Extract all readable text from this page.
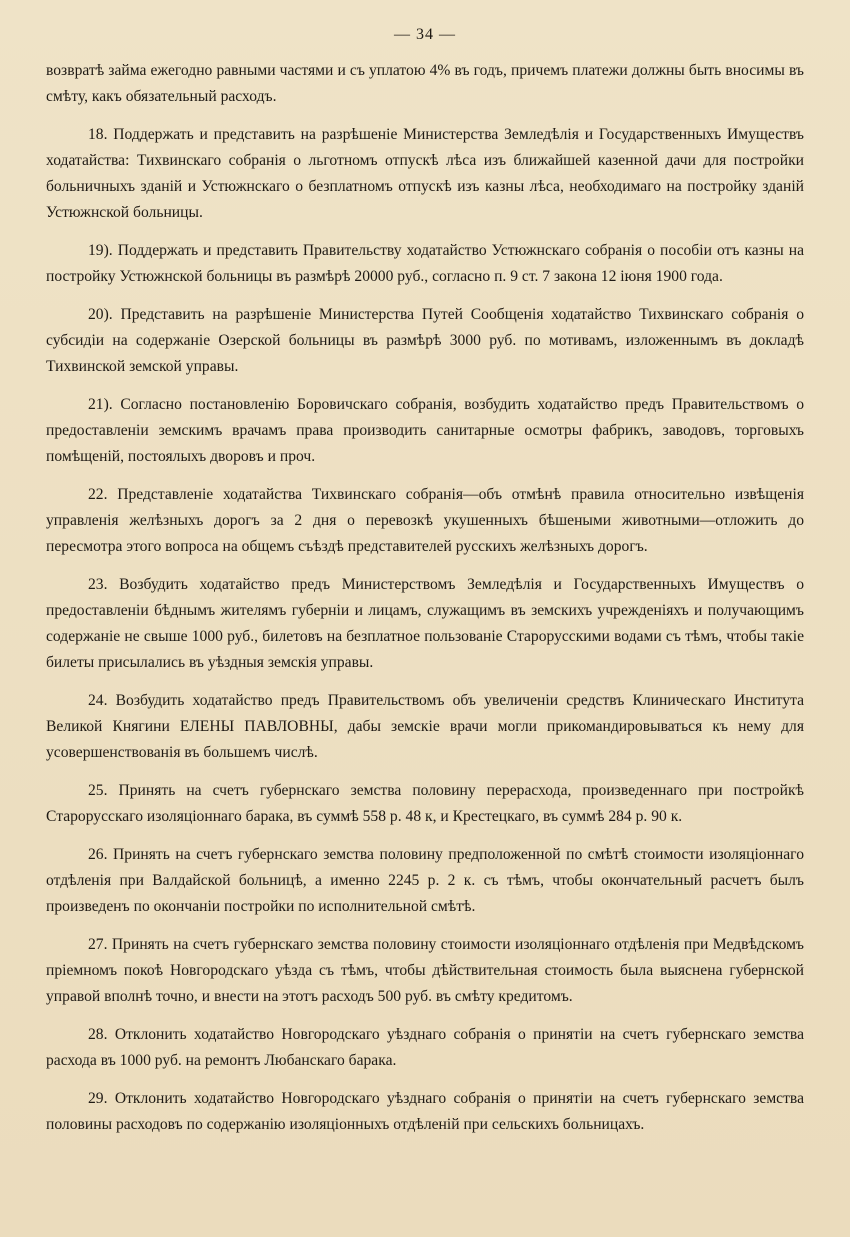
— 34 —

возвратѣ займа ежегодно равными частями и съ уплатою 4% въ годъ, причемъ платежи должны быть вносимы въ смѣту, какъ обязательный расходъ.

18. Поддержать и представить на разрѣшеніе Министерства Земледѣлія и Государственныхъ Имуществъ ходатайства: Тихвинскаго собранія о льготномъ отпускѣ лѣса изъ ближайшей казенной дачи для постройки больничныхъ зданій и Устюжнскаго о безплатномъ отпускѣ изъ казны лѣса, необходимаго на постройку зданій Устюжнской больницы.

19). Поддержать и представить Правительству ходатайство Устюжнскаго собранія о пособіи отъ казны на постройку Устюжнской больницы въ размѣрѣ 20000 руб., согласно п. 9 ст. 7 закона 12 іюня 1900 года.

20). Представить на разрѣшеніе Министерства Путей Сообщенія ходатайство Тихвинскаго собранія о субсидіи на содержаніе Озерской больницы въ размѣрѣ 3000 руб. по мотивамъ, изложеннымъ въ докладѣ Тихвинской земской управы.

21). Согласно постановленію Боровичскаго собранія, возбудить ходатайство предъ Правительствомъ о предоставленіи земскимъ врачамъ права производить санитарные осмотры фабрикъ, заводовъ, торговыхъ помѣщеній, постоялыхъ дворовъ и проч.

22. Представленіе ходатайства Тихвинскаго собранія—объ отмѣнѣ правила относительно извѣщенія управленія желѣзныхъ дорогъ за 2 дня о перевозкѣ укушенныхъ бѣшеными животными—отложить до пересмотра этого вопроса на общемъ съѣздѣ представителей русскихъ желѣзныхъ дорогъ.

23. Возбудить ходатайство предъ Министерствомъ Земледѣлія и Государственныхъ Имуществъ о предоставленіи бѣднымъ жителямъ губерніи и лицамъ, служащимъ въ земскихъ учрежденіяхъ и получающимъ содержаніе не свыше 1000 руб., билетовъ на безплатное пользованіе Старорусскими водами съ тѣмъ, чтобы такіе билеты присылались въ уѣздныя земскія управы.

24. Возбудить ходатайство предъ Правительствомъ объ увеличеніи средствъ Клиническаго Института Великой Княгини ЕЛЕНЫ ПАВЛОВНЫ, дабы земскіе врачи могли прикомандировываться къ нему для усовершенствованія въ большемъ числѣ.

25. Принять на счетъ губернскаго земства половину перерасхода, произведеннаго при постройкѣ Старорусскаго изоляціоннаго барака, въ суммѣ 558 р. 48 к, и Крестецкаго, въ суммѣ 284 р. 90 к.

26. Принять на счетъ губернскаго земства половину предположенной по смѣтѣ стоимости изоляціоннаго отдѣленія при Валдайской больницѣ, а именно 2245 р. 2 к. съ тѣмъ, чтобы окончательный расчетъ былъ произведенъ по окончаніи постройки по исполнительной смѣтѣ.

27. Принять на счетъ губернскаго земства половину стоимости изоляціоннаго отдѣленія при Медвѣдскомъ пріемномъ покоѣ Новгородскаго уѣзда съ тѣмъ, чтобы дѣйствительная стоимость была выяснена губернской управой вполнѣ точно, и внести на этотъ расходъ 500 руб. въ смѣту кредитомъ.

28. Отклонить ходатайство Новгородскаго уѣзднаго собранія о принятіи на счетъ губернскаго земства расхода въ 1000 руб. на ремонтъ Любанскаго барака.

29. Отклонить ходатайство Новгородскаго уѣзднаго собранія о принятіи на счетъ губернскаго земства половины расходовъ по содержанію изоляціонныхъ отдѣленій при сельскихъ больницахъ.
